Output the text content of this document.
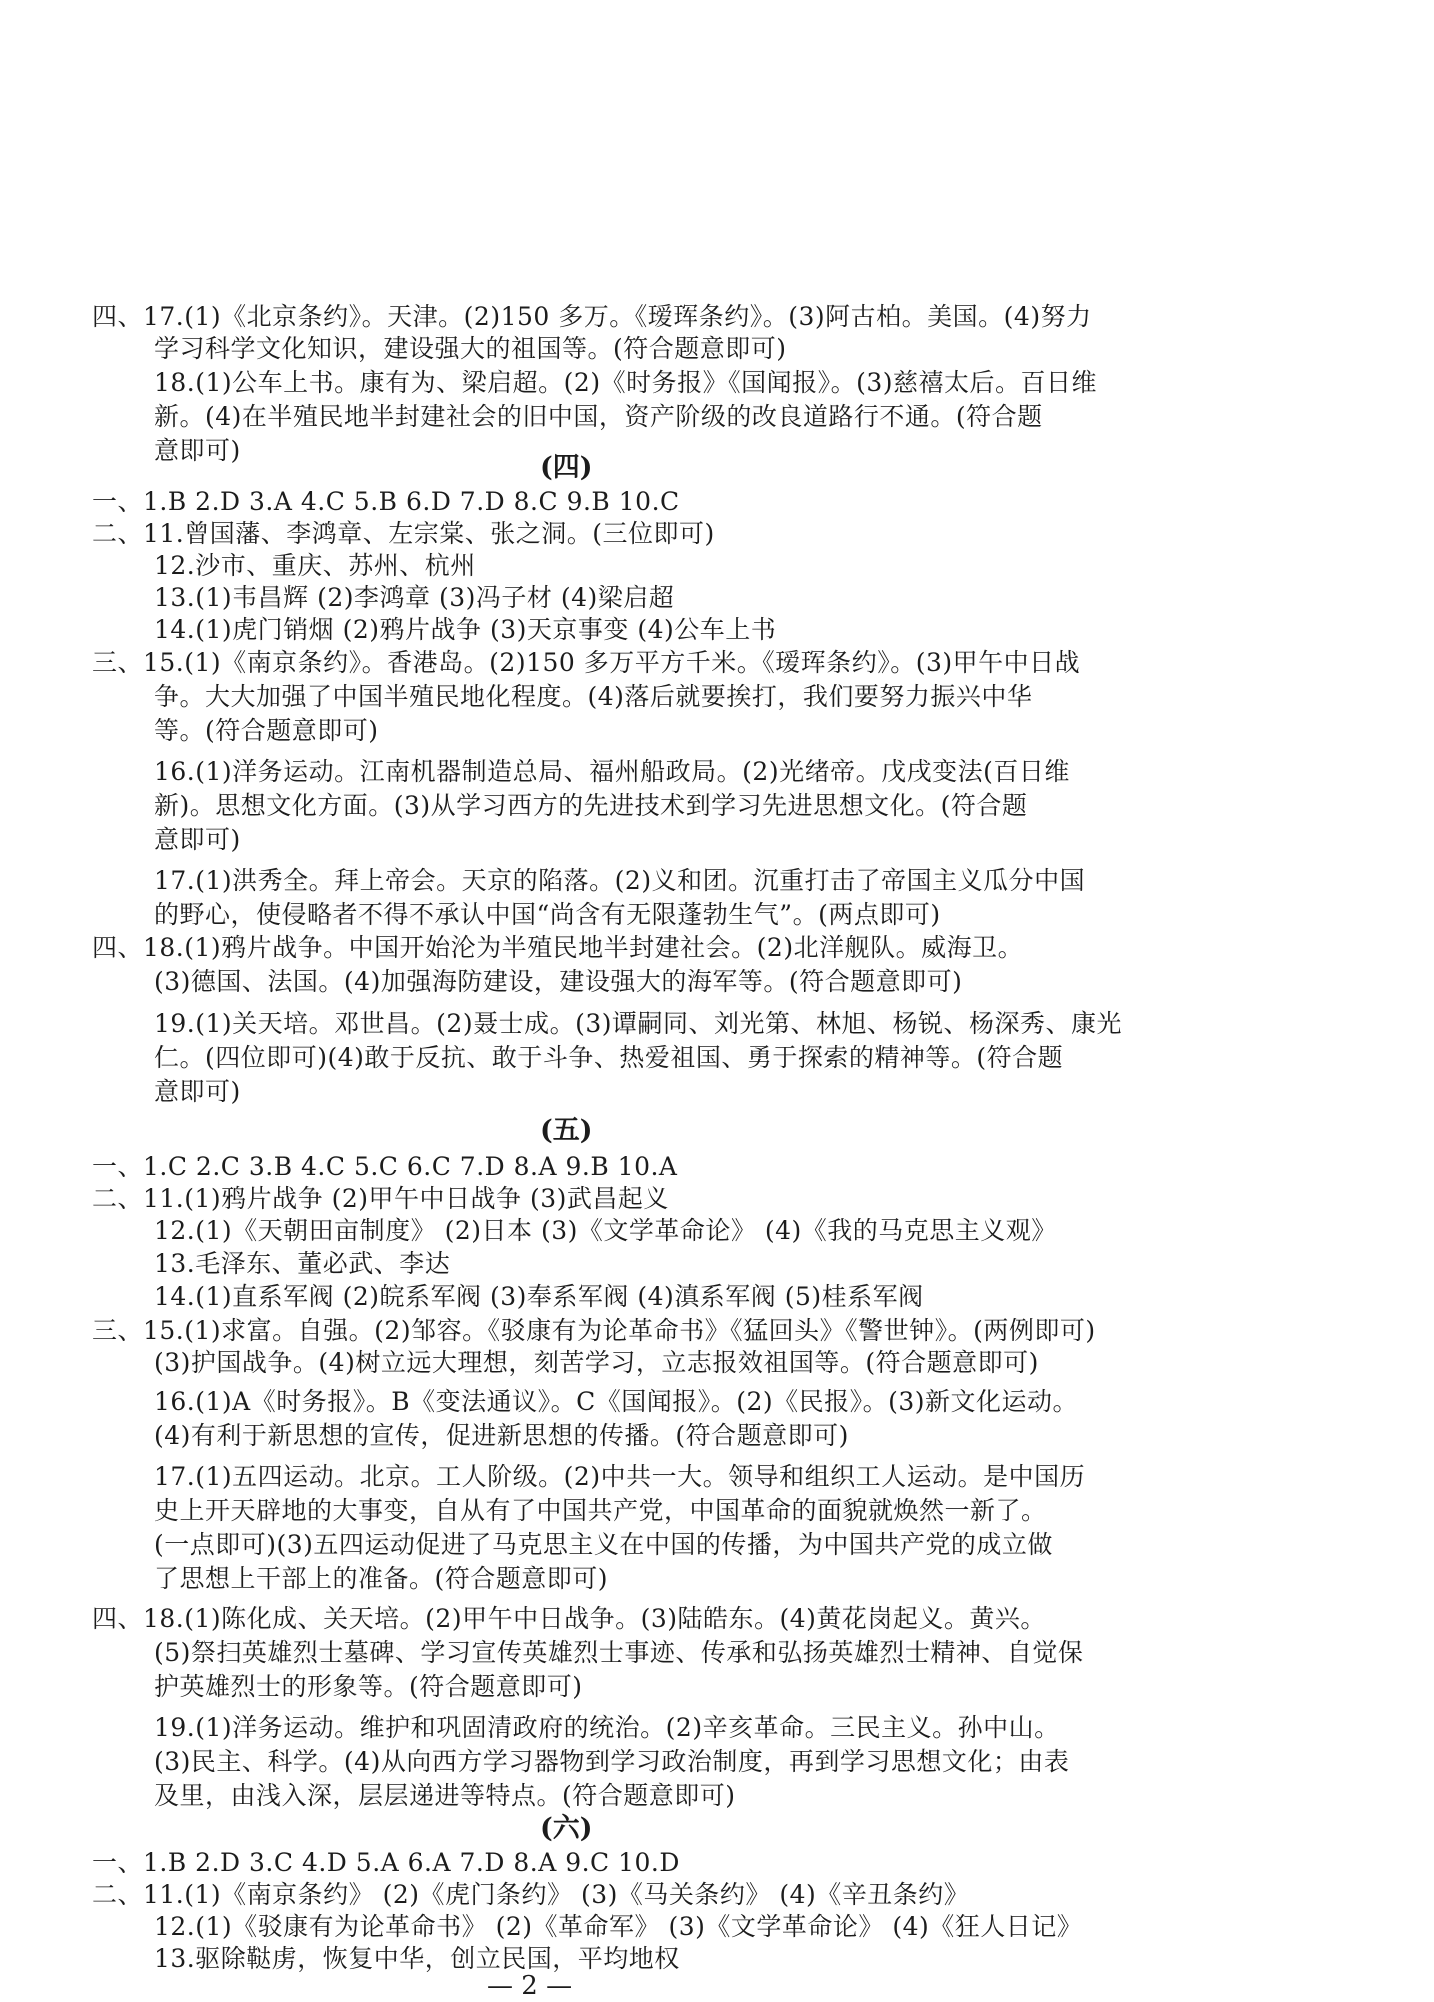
四、17.(1)《北京条约》。天津。(2)150 多万。《瑷珲条约》。(3)阿古柏。美国。(4)努力
学习科学文化知识，建设强大的祖国等。(符合题意即可)
18.(1)公车上书。康有为、梁启超。(2)《时务报》《国闻报》。(3)慈禧太后。百日维
新。(4)在半殖民地半封建社会的旧中国，资产阶级的改良道路行不通。(符合题
意即可)
(四)
一、1.B 2.D 3.A 4.C 5.B 6.D 7.D 8.C 9.B 10.C
二、11.曾国藩、李鸿章、左宗棠、张之洞。(三位即可)
12.沙市、重庆、苏州、杭州
13.(1)韦昌辉 (2)李鸿章 (3)冯子材 (4)梁启超
14.(1)虎门销烟 (2)鸦片战争 (3)天京事变 (4)公车上书
三、15.(1)《南京条约》。香港岛。(2)150 多万平方千米。《瑷珲条约》。(3)甲午中日战
争。大大加强了中国半殖民地化程度。(4)落后就要挨打，我们要努力振兴中华
等。(符合题意即可)
16.(1)洋务运动。江南机器制造总局、福州船政局。(2)光绪帝。戊戌变法(百日维
新)。思想文化方面。(3)从学习西方的先进技术到学习先进思想文化。(符合题
意即可)
17.(1)洪秀全。拜上帝会。天京的陷落。(2)义和团。沉重打击了帝国主义瓜分中国
的野心，使侵略者不得不承认中国“尚含有无限蓬勃生气”。(两点即可)
四、18.(1)鸦片战争。中国开始沦为半殖民地半封建社会。(2)北洋舰队。威海卫。
(3)德国、法国。(4)加强海防建设，建设强大的海军等。(符合题意即可)
19.(1)关天培。邓世昌。(2)聂士成。(3)谭嗣同、刘光第、林旭、杨锐、杨深秀、康光
仁。(四位即可)(4)敢于反抗、敢于斗争、热爱祖国、勇于探索的精神等。(符合题
意即可)
(五)
一、1.C 2.C 3.B 4.C 5.C 6.C 7.D 8.A 9.B 10.A
二、11.(1)鸦片战争 (2)甲午中日战争 (3)武昌起义
12.(1)《天朝田亩制度》 (2)日本 (3)《文学革命论》 (4)《我的马克思主义观》
13.毛泽东、董必武、李达
14.(1)直系军阀 (2)皖系军阀 (3)奉系军阀 (4)滇系军阀 (5)桂系军阀
三、15.(1)求富。自强。(2)邹容。《驳康有为论革命书》《猛回头》《警世钟》。(两例即可)
(3)护国战争。(4)树立远大理想，刻苦学习，立志报效祖国等。(符合题意即可)
16.(1)A《时务报》。B《变法通议》。C《国闻报》。(2)《民报》。(3)新文化运动。
(4)有利于新思想的宣传，促进新思想的传播。(符合题意即可)
17.(1)五四运动。北京。工人阶级。(2)中共一大。领导和组织工人运动。是中国历
史上开天辟地的大事变，自从有了中国共产党，中国革命的面貌就焕然一新了。
(一点即可)(3)五四运动促进了马克思主义在中国的传播，为中国共产党的成立做
了思想上干部上的准备。(符合题意即可)
四、18.(1)陈化成、关天培。(2)甲午中日战争。(3)陆皓东。(4)黄花岗起义。黄兴。
(5)祭扫英雄烈士墓碑、学习宣传英雄烈士事迹、传承和弘扬英雄烈士精神、自觉保
护英雄烈士的形象等。(符合题意即可)
19.(1)洋务运动。维护和巩固清政府的统治。(2)辛亥革命。三民主义。孙中山。
(3)民主、科学。(4)从向西方学习器物到学习政治制度，再到学习思想文化；由表
及里，由浅入深，层层递进等特点。(符合题意即可)
(六)
一、1.B 2.D 3.C 4.D 5.A 6.A 7.D 8.A 9.C 10.D
二、11.(1)《南京条约》 (2)《虎门条约》 (3)《马关条约》 (4)《辛丑条约》
12.(1)《驳康有为论革命书》 (2)《革命军》 (3)《文学革命论》 (4)《狂人日记》
13.驱除鞑虏，恢复中华，创立民国，平均地权
— 2 —
